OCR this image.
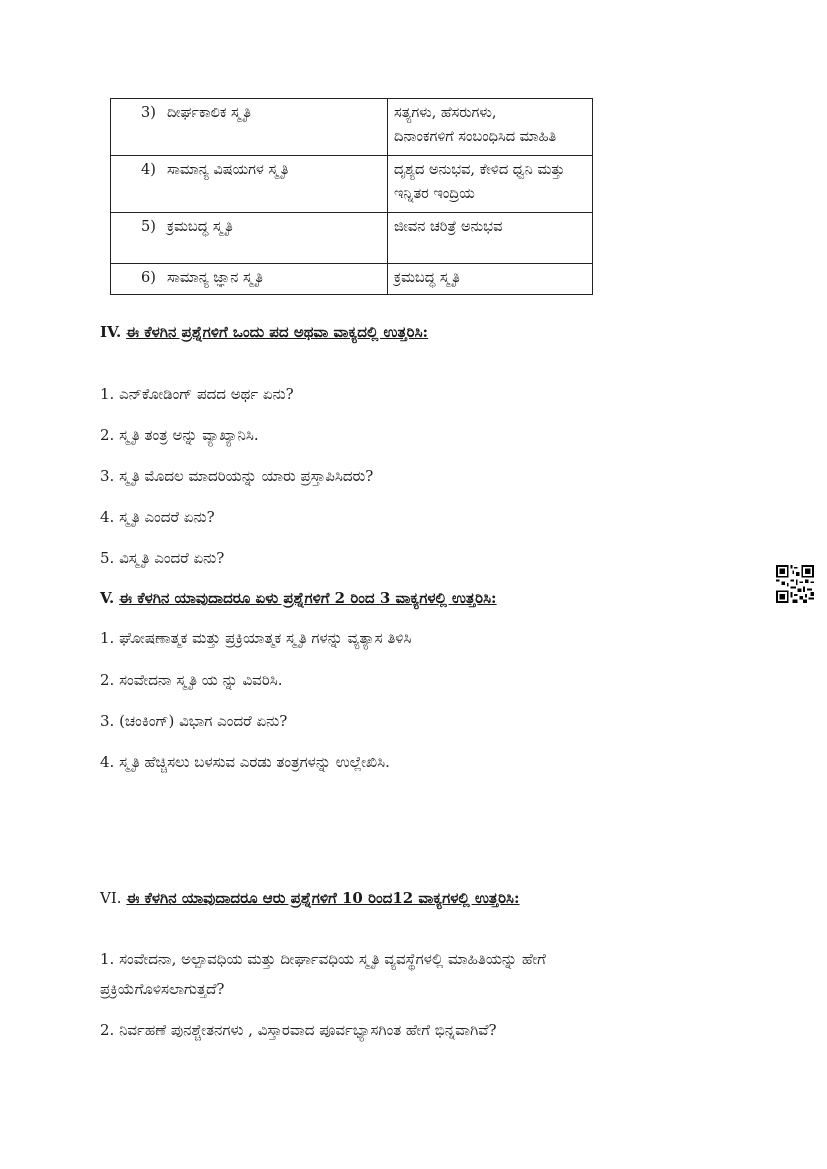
3) ದೀರ್ಘಕಾಲಿಕ ಸ್ಮೃತಿ	ಸತ್ಯಗಳು, ಹೆಸರುಗಳು,
ದಿನಾಂಕಗಳಿಗೆ ಸಂಬಂಧಿಸಿದ ಮಾಹಿತಿ
4) ಸಾಮಾನ್ಯ ವಿಷಯಗಳ ಸ್ಮೃತಿ	ದೃಶ್ಯದ ಅನುಭವ, ಕೇಳಿದ ಧ್ವನಿ ಮತ್ತು
ಇನ್ನಿತರ ಇಂದ್ರಿಯ
5) ಕ್ರಮಬದ್ಧ ಸ್ಮೃತಿ	ಜೀವನ ಚರಿತ್ರೆ ಅನುಭವ
6) ಸಾಮಾನ್ಯ ಜ್ಞಾನ ಸ್ಮೃತಿ	ಕ್ರಮಬದ್ಧ ಸ್ಮೃತಿ
IV. ಈ ಕೆಳಗಿನ ಪ್ರಶ್ನೆಗಳಿಗೆ ಒಂದು ಪದ ಅಥವಾ ವಾಕ್ಯದಲ್ಲಿ ಉತ್ತರಿಸಿ:
1. ಎನ್‌ಕೋಡಿಂಗ್ ಪದದ ಅರ್ಥ ಏನು?
2. ಸ್ಮೃತಿ ತಂತ್ರ ಅನ್ನು ವ್ಯಾಖ್ಯಾನಿಸಿ.
3. ಸ್ಮೃತಿ ಮೊದಲ ಮಾದರಿಯನ್ನು ಯಾರು ಪ್ರಸ್ತಾಪಿಸಿದರು?
4. ಸ್ಮೃತಿ ಎಂದರೆ ಏನು?
5. ವಿಸ್ಮೃತಿ ಎಂದರೆ ಏನು?
V. ಈ ಕೆಳಗಿನ ಯಾವುದಾದರೂ ಏಳು ಪ್ರಶ್ನೆಗಳಿಗೆ 2 ರಿಂದ 3 ವಾಕ್ಯಗಳಲ್ಲಿ ಉತ್ತರಿಸಿ:
1. ಘೋಷಣಾತ್ಮಕ ಮತ್ತು ಪ್ರಕ್ರಿಯಾತ್ಮಕ ಸ್ಮೃತಿ ಗಳನ್ನು ವ್ಯತ್ಯಾಸ ತಿಳಿಸಿ
2. ಸಂವೇದನಾ ಸ್ಮೃತಿ ಯ ನ್ನು ವಿವರಿಸಿ.
3. (ಚಂಕಿಂಗ್) ವಿಭಾಗ ಎಂದರೆ ಏನು?
4. ಸ್ಮೃತಿ ಹೆಚ್ಚಿಸಲು ಬಳಸುವ ಎರಡು ತಂತ್ರಗಳನ್ನು ಉಲ್ಲೇಖಿಸಿ.
VI. ಈ ಕೆಳಗಿನ ಯಾವುದಾದರೂ ಆರು ಪ್ರಶ್ನೆಗಳಿಗೆ 10 ರಿಂದ12 ವಾಕ್ಯಗಳಲ್ಲಿ ಉತ್ತರಿಸಿ:
1. ಸಂವೇದನಾ, ಅಲ್ಪಾವಧಿಯ ಮತ್ತು ದೀರ್ಘಾವಧಿಯ ಸ್ಮೃತಿ ವ್ಯವಸ್ಥೆಗಳಲ್ಲಿ ಮಾಹಿತಿಯನ್ನು ಹೇಗೆ
ಪ್ರಕ್ರಿಯೆಗೊಳಿಸಲಾಗುತ್ತದೆ?
2. ನಿರ್ವಹಣೆ ಪುನಶ್ಚೇತನಗಳು , ವಿಸ್ತಾರವಾದ ಪೂರ್ವಭ್ಯಾಸಗಿಂತ ಹೇಗೆ ಭಿನ್ನವಾಗಿವೆ?
